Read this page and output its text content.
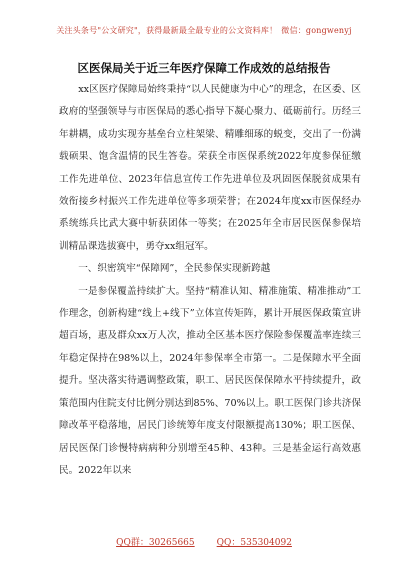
关注头条号"公文研究"，获得最新最全最专业的公文资料库！ 微信：gongwenyj
区医保局关于近三年医疗保障工作成效的总结报告

xx区医疗保障局始终秉持“以人民健康为中心”的理念，在区委、区政府的坚强领导与市医保局的悉心指导下凝心聚力、砥砺前行。历经三年耕耦，成功实现夯基垒台立柱架梁、精雕细琢的蜕变，交出了一份满载硕果、饱含温情的民生答卷。荣获全市医保系统2022年度参保征缴工作先进单位、2023年信息宣传工作先进单位及巩固医保脱贫成果有效衔接乡村振兴工作先进单位等多项荣誉；在2024年度xx市医保经办系统练兵比武大赛中斩获团体一等奖；在2025年全市居民医保参保培训精品课选拔赛中，勇夺xx组冠军。

一、织密筑牢“保障网”，全民参保实现新跨越

一是参保覆盖持续扩大。坚持“精准认知、精准施策、精准推动”工作理念，创新构建“线上+线下”立体宣传矩阵，累计开展医保政策宣讲超百场，惠及群众xx万人次，推动全区基本医疗保险参保覆盖率连续三年稳定保持在98%以上，2024年参保率全市第一。二是保障水平全面提升。坚决落实待遇调整政策，职工、居民医保保障水平持续提升，政策范围内住院支付比例分别达到85%、70%以上。职工医保门诊共济保障改革平稳落地，居民门诊统筹年度支付限额提高130%；职工医保、居民医保门诊慢特病病种分别增至45种、43种。三是基金运行高效惠民。2022年以来

QQ群：30265665 QQ：535304092
